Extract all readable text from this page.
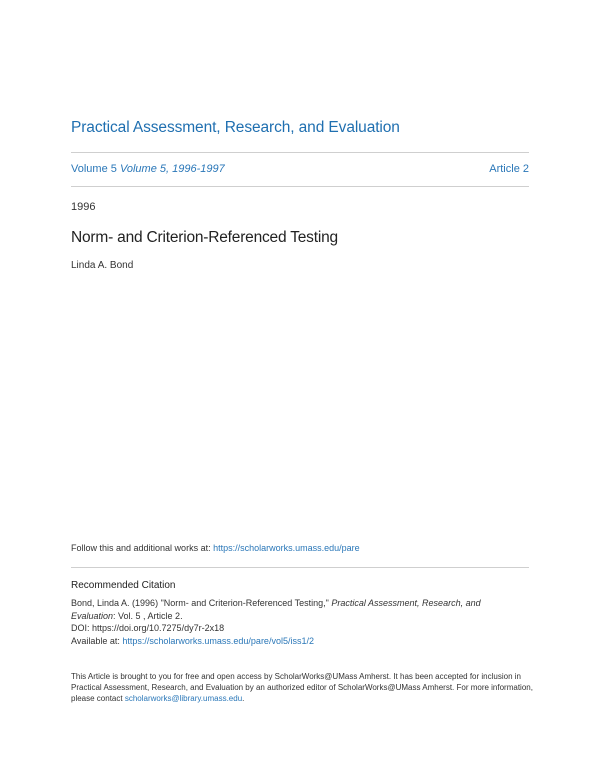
Practical Assessment, Research, and Evaluation
Volume 5 Volume 5, 1996-1997	Article 2
1996
Norm- and Criterion-Referenced Testing
Linda A. Bond
Follow this and additional works at: https://scholarworks.umass.edu/pare
Recommended Citation
Bond, Linda A. (1996) "Norm- and Criterion-Referenced Testing," Practical Assessment, Research, and
Evaluation: Vol. 5 , Article 2.
DOI: https://doi.org/10.7275/dy7r-2x18
Available at: https://scholarworks.umass.edu/pare/vol5/iss1/2
This Article is brought to you for free and open access by ScholarWorks@UMass Amherst. It has been accepted for inclusion in Practical Assessment, Research, and Evaluation by an authorized editor of ScholarWorks@UMass Amherst. For more information, please contact scholarworks@library.umass.edu.
